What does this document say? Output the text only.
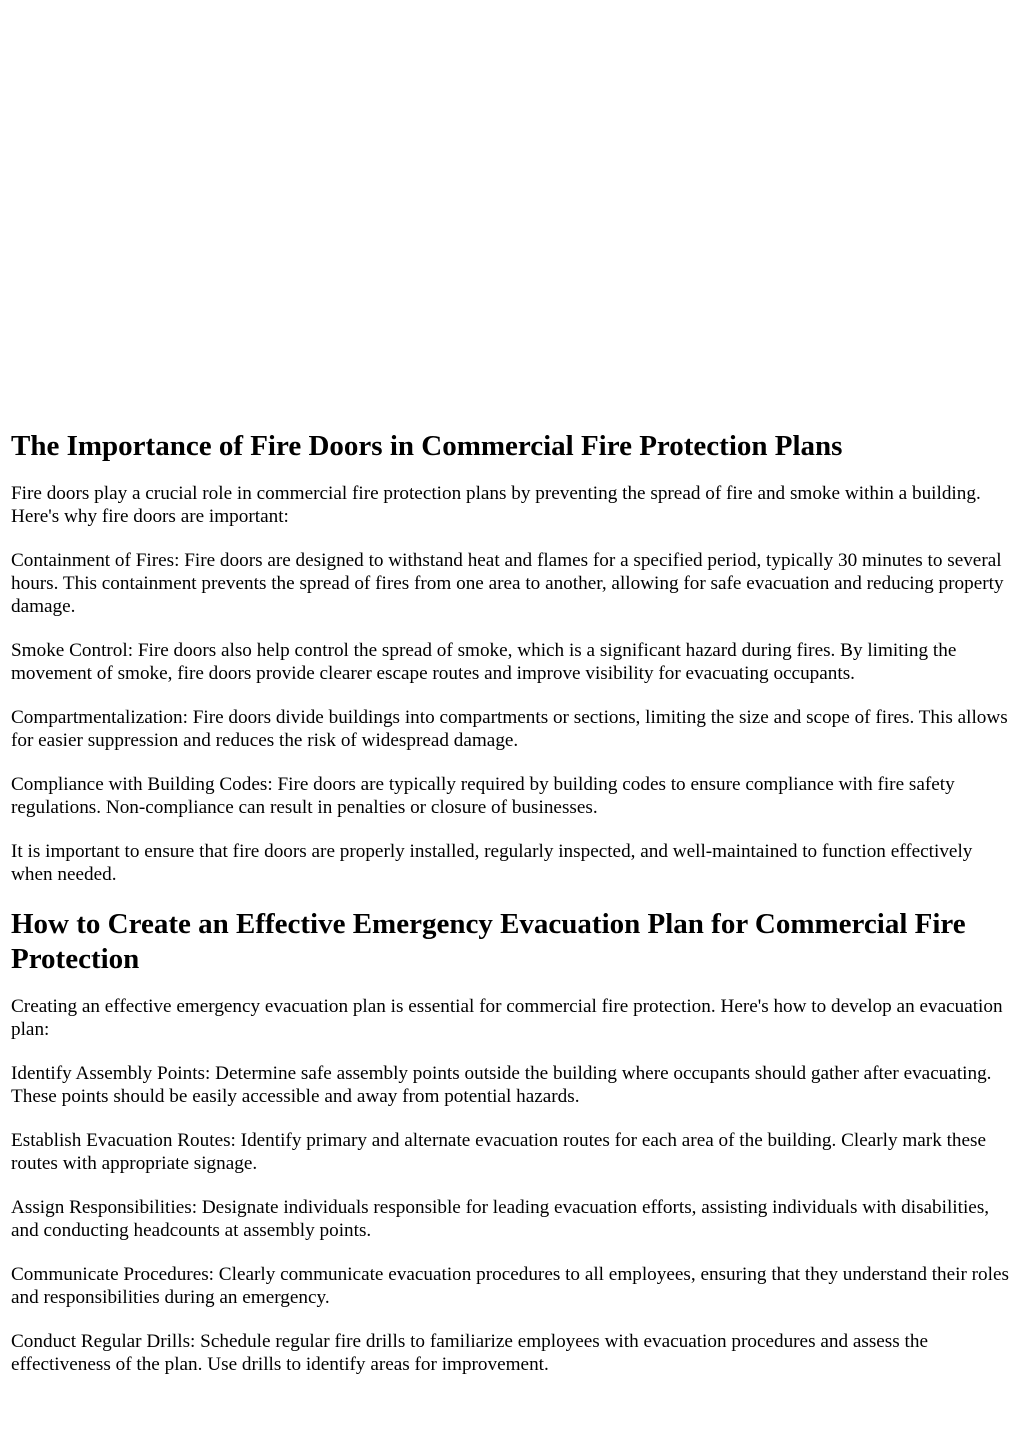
The Importance of Fire Doors in Commercial Fire Protection Plans

Fire doors play a crucial role in commercial fire protection plans by preventing the spread of fire and smoke within a building. Here's why fire doors are important:

Containment of Fires: Fire doors are designed to withstand heat and flames for a specified period, typically 30 minutes to several hours. This containment prevents the spread of fires from one area to another, allowing for safe evacuation and reducing property damage.

Smoke Control: Fire doors also help control the spread of smoke, which is a significant hazard during fires. By limiting the movement of smoke, fire doors provide clearer escape routes and improve visibility for evacuating occupants.

Compartmentalization: Fire doors divide buildings into compartments or sections, limiting the size and scope of fires. This allows for easier suppression and reduces the risk of widespread damage.

Compliance with Building Codes: Fire doors are typically required by building codes to ensure compliance with fire safety regulations. Non-compliance can result in penalties or closure of businesses.

It is important to ensure that fire doors are properly installed, regularly inspected, and well-maintained to function effectively when needed.

How to Create an Effective Emergency Evacuation Plan for Commercial Fire Protection

Creating an effective emergency evacuation plan is essential for commercial fire protection. Here's how to develop an evacuation plan:

Identify Assembly Points: Determine safe assembly points outside the building where occupants should gather after evacuating. These points should be easily accessible and away from potential hazards.

Establish Evacuation Routes: Identify primary and alternate evacuation routes for each area of the building. Clearly mark these routes with appropriate signage.

Assign Responsibilities: Designate individuals responsible for leading evacuation efforts, assisting individuals with disabilities, and conducting headcounts at assembly points.

Communicate Procedures: Clearly communicate evacuation procedures to all employees, ensuring that they understand their roles and responsibilities during an emergency.

Conduct Regular Drills: Schedule regular fire drills to familiarize employees with evacuation procedures and assess the effectiveness of the plan. Use drills to identify areas for improvement.
